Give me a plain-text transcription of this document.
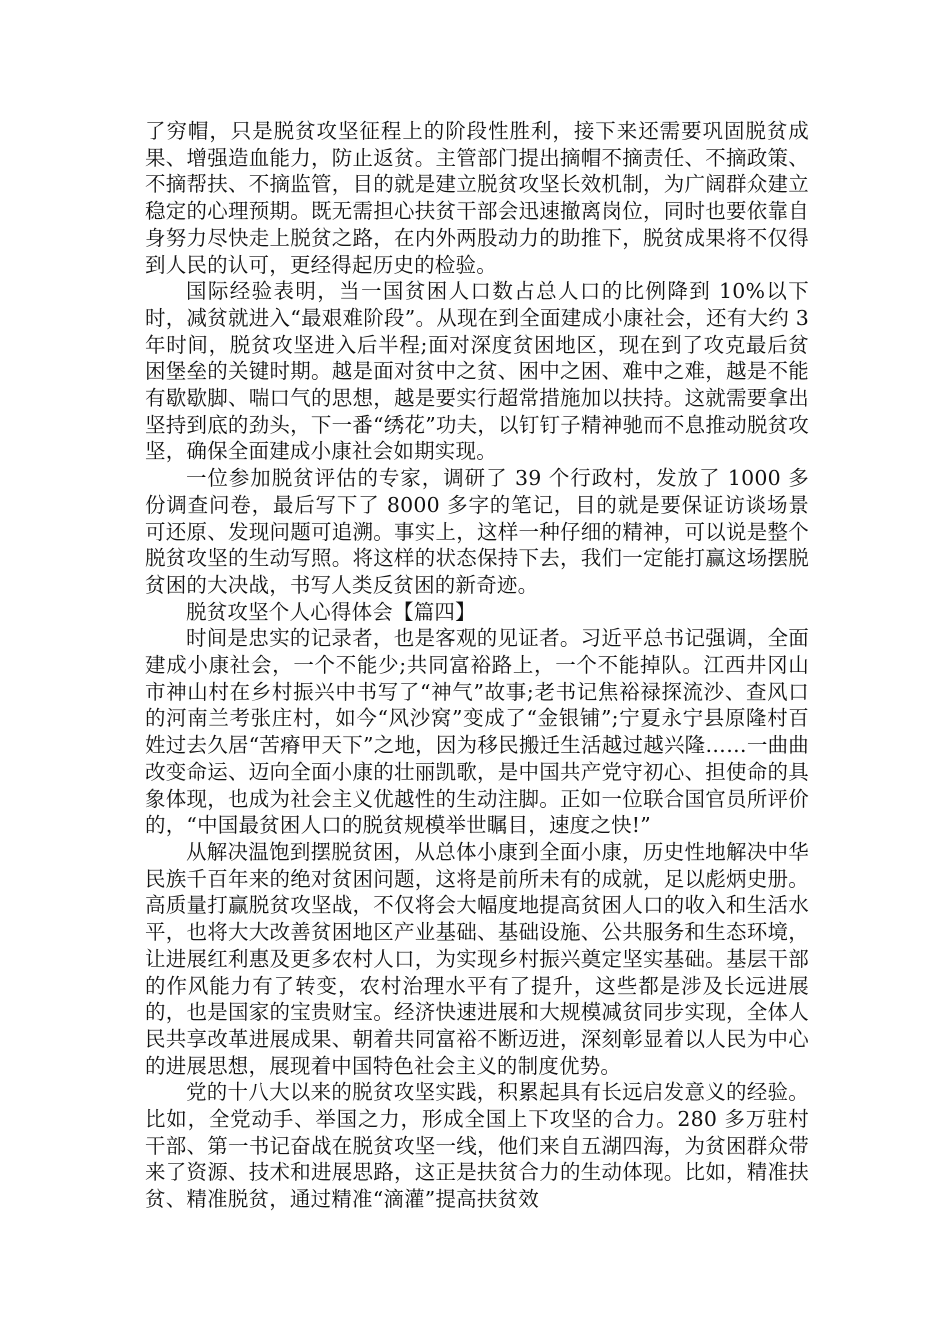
了穷帽，只是脱贫攻坚征程上的阶段性胜利，接下来还需要巩固脱贫成果、增强造血能力，防止返贫。主管部门提出摘帽不摘责任、不摘政策、不摘帮扶、不摘监管，目的就是建立脱贫攻坚长效机制，为广阔群众建立稳定的心理预期。既无需担心扶贫干部会迅速撤离岗位，同时也要依靠自身努力尽快走上脱贫之路，在内外两股动力的助推下，脱贫成果将不仅得到人民的认可，更经得起历史的检验。

国际经验表明，当一国贫困人口数占总人口的比例降到 10%以下时，减贫就进入“最艰难阶段”。从现在到全面建成小康社会，还有大约 3 年时间，脱贫攻坚进入后半程;面对深度贫困地区，现在到了攻克最后贫困堡垒的关键时期。越是面对贫中之贫、困中之困、难中之难，越是不能有歇歇脚、喘口气的思想，越是要实行超常措施加以扶持。这就需要拿出坚持到底的劲头，下一番“绣花”功夫，以钉钉子精神驰而不息推动脱贫攻坚，确保全面建成小康社会如期实现。

一位参加脱贫评估的专家，调研了 39 个行政村，发放了 1000 多份调查问卷，最后写下了 8000 多字的笔记，目的就是要保证访谈场景可还原、发现问题可追溯。事实上，这样一种仔细的精神，可以说是整个脱贫攻坚的生动写照。将这样的状态保持下去，我们一定能打赢这场摆脱贫困的大决战，书写人类反贫困的新奇迹。

脱贫攻坚个人心得体会【篇四】

时间是忠实的记录者，也是客观的见证者。习近平总书记强调，全面建成小康社会，一个不能少;共同富裕路上，一个不能掉队。江西井冈山市神山村在乡村振兴中书写了“神气”故事;老书记焦裕禄探流沙、查风口的河南兰考张庄村，如今“风沙窝”变成了“金银铺”;宁夏永宁县原隆村百姓过去久居“苦瘠甲天下”之地，因为移民搬迁生活越过越兴隆……一曲曲改变命运、迈向全面小康的壮丽凯歌，是中国共产党守初心、担使命的具象体现，也成为社会主义优越性的生动注脚。正如一位联合国官员所评价的，“中国最贫困人口的脱贫规模举世瞩目，速度之快!”

从解决温饱到摆脱贫困，从总体小康到全面小康，历史性地解决中华民族千百年来的绝对贫困问题，这将是前所未有的成就，足以彪炳史册。高质量打赢脱贫攻坚战，不仅将会大幅度地提高贫困人口的收入和生活水平，也将大大改善贫困地区产业基础、基础设施、公共服务和生态环境，让进展红利惠及更多农村人口，为实现乡村振兴奠定坚实基础。基层干部的作风能力有了转变，农村治理水平有了提升，这些都是涉及长远进展的，也是国家的宝贵财宝。经济快速进展和大规模减贫同步实现，全体人民共享改革进展成果、朝着共同富裕不断迈进，深刻彰显着以人民为中心的进展思想，展现着中国特色社会主义的制度优势。

党的十八大以来的脱贫攻坚实践，积累起具有长远启发意义的经验。比如，全党动手、举国之力，形成全国上下攻坚的合力。280 多万驻村干部、第一书记奋战在脱贫攻坚一线，他们来自五湖四海，为贫困群众带来了资源、技术和进展思路，这正是扶贫合力的生动体现。比如，精准扶贫、精准脱贫，通过精准“滴灌”提高扶贫效
